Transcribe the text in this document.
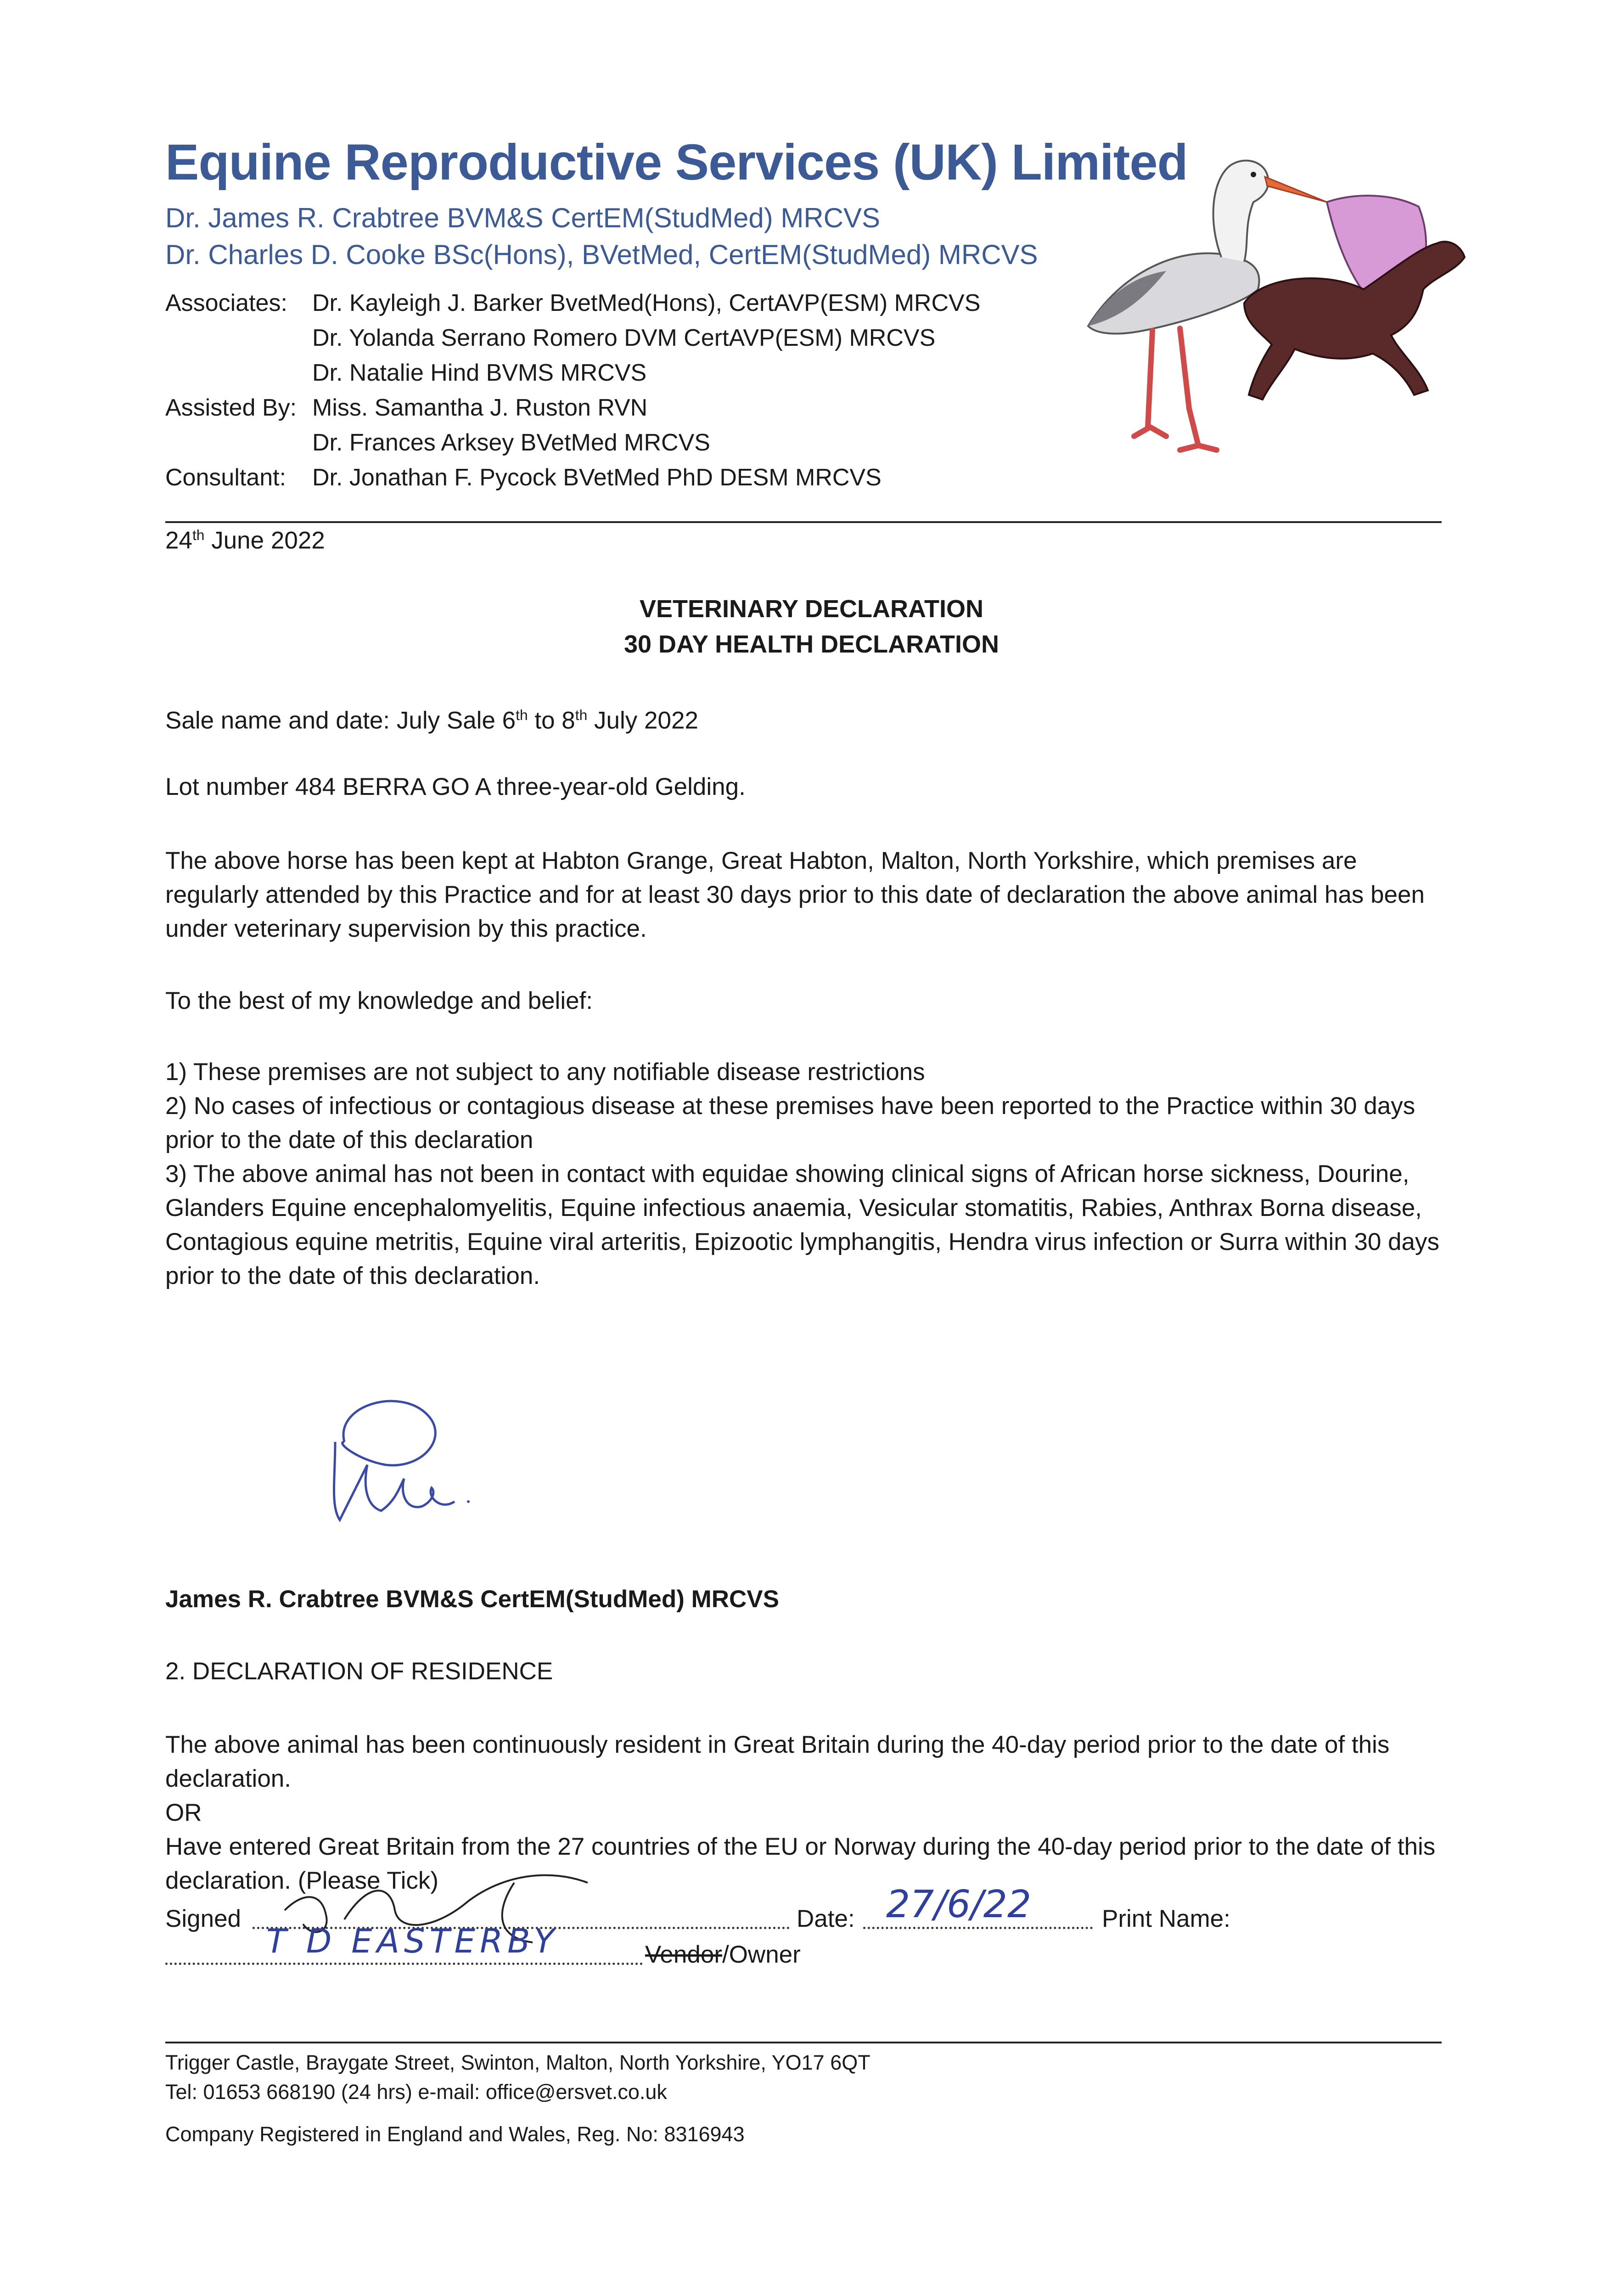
Equine Reproductive Services (UK) Limited
Dr. James R. Crabtree BVM&S CertEM(StudMed) MRCVS
Dr. Charles D. Cooke BSc(Hons), BVetMed, CertEM(StudMed) MRCVS
Associates:	Dr. Kayleigh J. Barker BvetMed(Hons), CertAVP(ESM) MRCVS
Dr. Yolanda Serrano Romero DVM CertAVP(ESM) MRCVS
Dr. Natalie Hind BVMS MRCVS
Assisted By: Miss. Samantha J. Ruston RVN
Dr. Frances Arksey BVetMed MRCVS
Consultant:	Dr. Jonathan F. Pycock BVetMed PhD DESM MRCVS
24th June 2022
VETERINARY DECLARATION
30 DAY HEALTH DECLARATION
Sale name and date: July Sale 6th to 8th July 2022
Lot number 484 BERRA GO A three-year-old Gelding.
The above horse has been kept at Habton Grange, Great Habton, Malton, North Yorkshire, which premises are regularly attended by this Practice and for at least 30 days prior to this date of declaration the above animal has been under veterinary supervision by this practice.
To the best of my knowledge and belief:
1) These premises are not subject to any notifiable disease restrictions
2) No cases of infectious or contagious disease at these premises have been reported to the Practice within 30 days prior to the date of this declaration
3) The above animal has not been in contact with equidae showing clinical signs of African horse sickness, Dourine, Glanders Equine encephalomyelitis, Equine infectious anaemia, Vesicular stomatitis, Rabies, Anthrax Borna disease, Contagious equine metritis, Equine viral arteritis, Epizootic lymphangitis, Hendra virus infection or Surra within 30 days prior to the date of this declaration.
James R. Crabtree BVM&S CertEM(StudMed) MRCVS
2. DECLARATION OF RESIDENCE
The above animal has been continuously resident in Great Britain during the 40-day period prior to the date of this declaration.
OR
Have entered Great Britain from the 27 countries of the EU or Norway during the 40-day period prior to the date of this declaration. (Please Tick)
Signed	Date: 27/6/22	Print Name:
T D EASTERBY	Vendor/Owner
Trigger Castle, Braygate Street, Swinton, Malton, North Yorkshire, YO17 6QT
Tel: 01653 668190 (24 hrs) e-mail: office@ersvet.co.uk
Company Registered in England and Wales, Reg. No: 8316943
